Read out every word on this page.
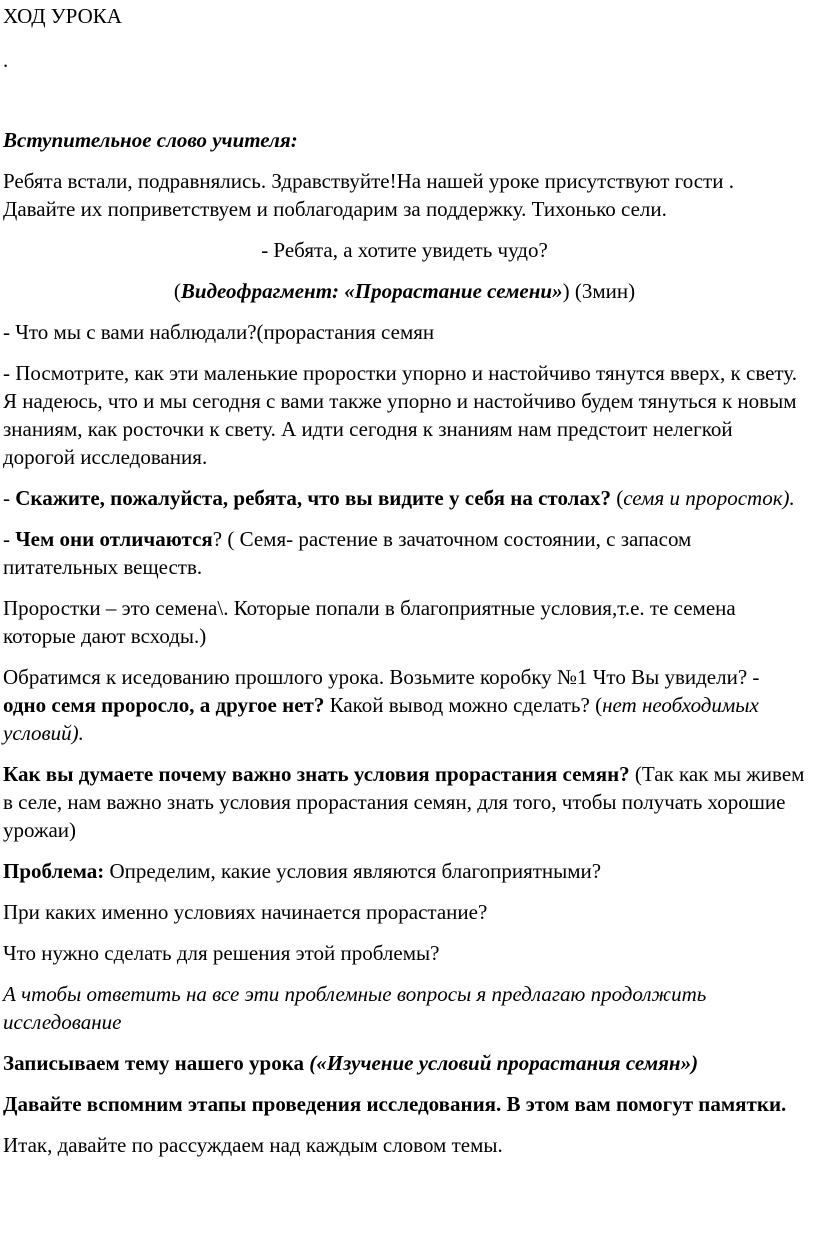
ХОД УРОКА

.

Вступительное слово учителя:

Ребята встали, подравнялись. Здравствуйте!На нашей уроке присутствуют гости . Давайте их поприветствуем и поблагодарим за поддержку. Тихонько сели.

- Ребята, а хотите увидеть чудо?

(Видеофрагмент: «Прорастание семени») (3мин)

- Что мы с вами наблюдали?(прорастания семян

- Посмотрите, как эти маленькие проростки упорно и настойчиво тянутся вверх, к свету. Я надеюсь, что и мы сегодня с вами также упорно и настойчиво будем тянуться к новым знаниям, как росточки к свету. А идти сегодня к знаниям нам предстоит нелегкой дорогой исследования.

- Скажите, пожалуйста, ребята, что вы видите у себя на столах? (семя и проросток).

- Чем они отличаются? ( Семя- растение в зачаточном состоянии, с запасом питательных веществ.

Проростки – это семена\. Которые попали в благоприятные условия,т.е. те семена которые дают всходы.)

Обратимся к иседованию прошлого урока. Возьмите коробку №1 Что Вы увидели? - одно семя проросло, а другое нет? Какой вывод можно сделать? (нет необходимых условий).

Как вы думаете почему важно знать условия прорастания семян? (Так как мы живем в селе, нам важно знать условия прорастания семян, для того, чтобы получать хорошие урожаи)

Проблема: Определим, какие условия являются благоприятными?

При каких именно условиях начинается прорастание?

Что нужно сделать для решения этой проблемы?

А чтобы ответить на все эти проблемные вопросы я предлагаю продолжить исследование

Записываем тему нашего урока («Изучение условий прорастания семян»)

Давайте вспомним этапы проведения исследования. В этом вам помогут памятки.

Итак, давайте по рассуждаем над каждым словом темы.
